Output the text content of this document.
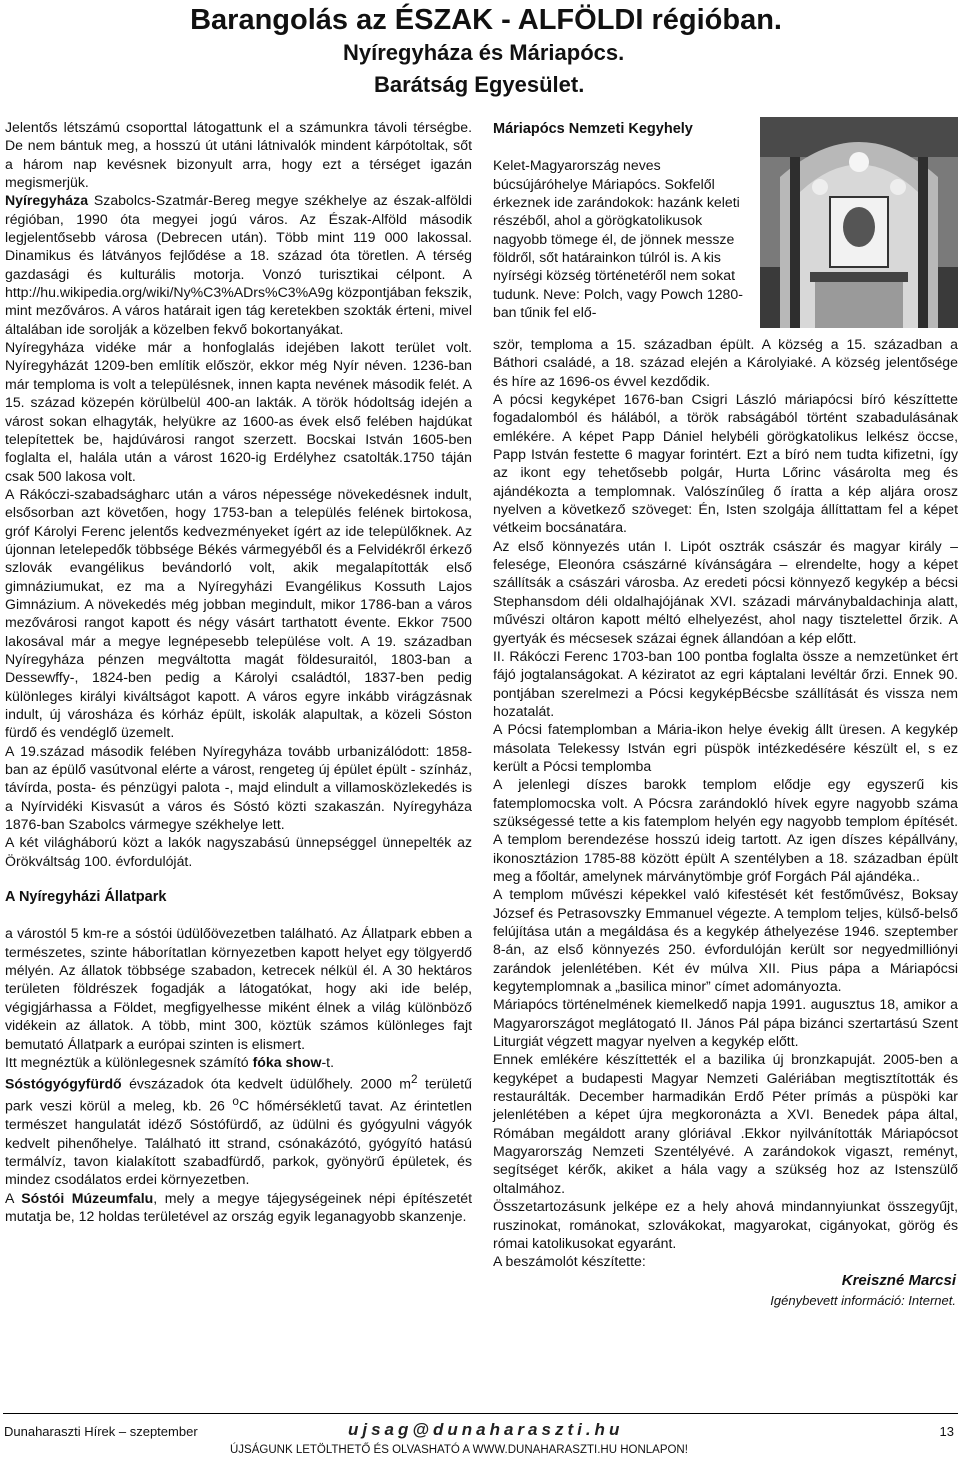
Barangolás az ÉSZAK - ALFÖLDI régióban.
Nyíregyháza és Máriapócs.
Barátság Egyesület.

Jelentős létszámú csoporttal látogattunk el a számunkra távoli térségbe. De nem bántuk meg, a hosszú út utáni látnivalók mindent kárpótoltak, sőt a három nap kevésnek bizonyult arra, hogy ezt a térséget igazán megismerjük.

Nyíregyháza Szabolcs-Szatmár-Bereg megye székhelye az észak-alföldi régióban, 1990 óta megyei jogú város. Az Észak-Alföld második legjelentősebb városa (Debrecen után). Több mint 119 000 lakossal. Dinamikus és látványos fejlődése a 18. század óta töretlen. A térség gazdasági és kulturális motorja. Vonzó turisztikai célpont. A http://hu.wikipedia.org/wiki/Ny%C3%ADrs%C3%A9g központjában fekszik, mint mezőváros. A város határait igen tág keretekben szokták érteni, mivel általában ide sorolják a közelben fekvő bokortanyákat.

Nyíregyháza vidéke már a honfoglalás idejében lakott terület volt. Nyíregyházát 1209-ben említik először, ekkor még Nyír néven. 1236-ban már temploma is volt a településnek, innen kapta nevének második felét. A 15. század közepén körülbelül 400-an lakták. A török hódoltság idején a várost sokan elhagyták, helyükre az 1600-as évek első felében hajdúkat telepítettek be, hajdúvárosi rangot szerzett. Bocskai István 1605-ben foglalta el, halála után a várost 1620-ig Erdélyhez csatolták.1750 táján csak 500 lakosa volt.

A Rákóczi-szabadságharc után a város népessége növekedésnek indult, elsősorban azt követően, hogy 1753-ban a település felének birtokosa, gróf Károlyi Ferenc jelentős kedvezményeket ígért az ide települőknek. Az újonnan letelepedők többsége Békés vármegyéből és a Felvidékről érkező szlovák evangélikus bevándorló volt, akik megalapították első gimnáziumukat, ez ma a Nyíregyházi Evangélikus Kossuth Lajos Gimnázium. A növekedés még jobban megindult, mikor 1786-ban a város mezővárosi rangot kapott és négy vásárt tarthatott évente. Ekkor 7500 lakosával már a megye legnépesebb települése volt. A 19. században Nyíregyháza pénzen megváltotta magát földesuraitól, 1803-ban a Dessewffy-, 1824-ben pedig a Károlyi családtól, 1837-ben pedig különleges királyi kiváltságot kapott. A város egyre inkább virágzásnak indult, új városháza és kórház épült, iskolák alapultak, a közeli Sóston fürdő és vendéglő üzemelt.

A 19.század második felében Nyíregyháza tovább urbanizálódott: 1858-ban az épülő vasútvonal elérte a várost, rengeteg új épület épült - színház, távírda, posta- és pénzügyi palota -, majd elindult a villamosközlekedés is a Nyírvidéki Kisvasút a város és Sóstó közti szakaszán. Nyíregyháza 1876-ban Szabolcs vármegye székhelye lett.

A két világháború közt a lakók nagyszabású ünnepséggel ünnepelték az Örökváltság 100. évfordulóját.

A Nyíregyházi Állatpark

a várostól 5 km-re a sóstói üdülőövezetben található. Az Állatpark ebben a természetes, szinte háborítatlan környezetben kapott helyet egy tölgyerdő mélyén. Az állatok többsége szabadon, ketrecek nélkül él. A 30 hektáros területen földrészek fogadják a látogatókat, hogy aki ide belép, végigjárhassa a Földet, megfigyelhesse miként élnek a világ különböző vidékein az állatok. A több, mint 300, köztük számos különleges fajt bemutató Állatpark a európai szinten is elismert.

Itt megnéztük a különlegesnek számító fóka show-t.

Sóstógyógyfürdő évszázadok óta kedvelt üdülőhely. 2000 $m^2$ területű park veszi körül a meleg, kb. 26 $^o$C hőmérsékletű tavat. Az érintetlen természet hangulatát idéző Sóstófürdő, az üdülni és gyógyulni vágyók kedvelt pihenőhelye. Található itt strand, csónakázótó, gyógyító hatású termálvíz, tavon kialakított szabadfürdő, parkok, gyönyörű épületek, és mindez csodálatos erdei környezetben.

A Sóstói Múzeumfalu, mely a megye tájegységeinek népi építészetét mutatja be, 12 holdas területével az ország egyik leganagyobb skanzenje.

Máriapócs Nemzeti Kegyhely

Kelet-Magyarország neves búcsújáróhelye Máriapócs. Sokfelől érkeznek ide zarándokok: hazánk keleti részéből, ahol a görögkatolikusok nagyobb tömege él, de jönnek messze földről, sőt határainkon túlról is. A kis nyírségi község történetéről nem sokat tudunk. Neve: Polch, vagy Powch 1280-ban tűnik fel elő-

ször, temploma a 15. században épült. A község a 15. században a Báthori családé, a 18. század elején a Károlyiaké. A község jelentősége és híre az 1696-os évvel kezdődik.

A pócsi kegyképet 1676-ban Csigri László máriapócsi bíró készíttette fogadalomból és hálából, a török rabságából történt szabadulásának emlékére. A képet Papp Dániel helybéli görögkatolikus lelkész öccse, Papp István festette 6 magyar forintért. Ezt a bíró nem tudta kifizetni, így az ikont egy tehetősebb polgár, Hurta Lőrinc vásárolta meg és ajándékozta a templomnak. Valószínűleg ő íratta a kép aljára orosz nyelven a következő szöveget: Én, Isten szolgája állíttattam fel a képet vétkeim bocsánatára.

Az első könnyezés után I. Lipót osztrák császár és magyar király – felesége, Eleonóra császárné kívánságára – elrendelte, hogy a képet szállítsák a császári városba. Az eredeti pócsi könnyező kegykép a bécsi Stephansdom déli oldalhajójának XVI. századi márványbaldachinja alatt, művészi oltáron kapott méltó elhelyezést, ahol nagy tisztelettel őrzik. A gyertyák és mécsesek százai égnek állandóan a kép előtt.

II. Rákóczi Ferenc 1703-ban 100 pontba foglalta össze a nemzetünket ért fájó jogtalanságokat. A kéziratot az egri káptalani levéltár őrzi. Ennek 90. pontjában szerelmezi a Pócsi kegyképBécsbe szállítását és vissza nem hozatalát.

A Pócsi fatemplomban a Mária-ikon helye évekig állt üresen. A kegykép másolata Telekessy István egri püspök intézkedésére készült el, s ez került a Pócsi templomba

A jelenlegi díszes barokk templom elődje egy egyszerű kis fatemplomocska volt. A Pócsra zarándokló hívek egyre nagyobb száma szükségessé tette a kis fatemplom helyén egy nagyobb templom építését. A templom berendezése hosszú ideig tartott. Az igen díszes képállvány, ikonosztázion 1785-88 között épült A szentélyben a 18. században épült meg a főoltár, amelynek márványtömbje gróf Forgách Pál ajándéka..

A templom művészi képekkel való kifestését két festőművész, Boksay József és Petrasovszky Emmanuel végezte. A templom teljes, külső-belső felújítása után a megáldása és a kegykép áthelyezése 1946. szeptember 8-án, az első könnyezés 250. évfordulóján került sor negyedmilliónyi zarándok jelenlétében. Két év múlva XII. Pius pápa a Máriapócsi kegytemplomnak a „basilica minor” címet adományozta.

Máriapócs történelmének kiemelkedő napja 1991. augusztus 18, amikor a Magyarországot meglátogató II. János Pál pápa bizánci szertartású Szent Liturgiát végzett magyar nyelven a kegykép előtt.

Ennek emlékére készíttették el a bazilika új bronzkapuját. 2005-ben a kegyképet a budapesti Magyar Nemzeti Galériában megtisztították és restaurálták. December harmadikán Erdő Péter prímás a püspöki kar jelenlétében a képet újra megkoronázta a XVI. Benedek pápa által, Rómában megáldott arany glóriával .Ekkor nyilvánították Máriapócsot Magyarország Nemzeti Szentélyévé. A zarándokok vigaszt, reményt, segítséget kérők, akiket a hála vagy a szükség hoz az Istenszülő oltalmához.

Összetartozásunk jelképe ez a hely ahová mindannyiunkat összegyűjt, ruszinokat, románokat, szlovákokat, magyarokat, cigányokat, görög és római katolikusokat egyaránt.

A beszámolót készítette:

Kreiszné Marcsi
Igénybevett információ: Internet.
Dunaharaszti Hírek – szeptember	ujsag@dunaharaszti.hu	13
ÚJSÁGUNK LETÖLTHETŐ ÉS OLVASHATÓ A WWW.DUNAHARASZTI.HU HONLAPON!
